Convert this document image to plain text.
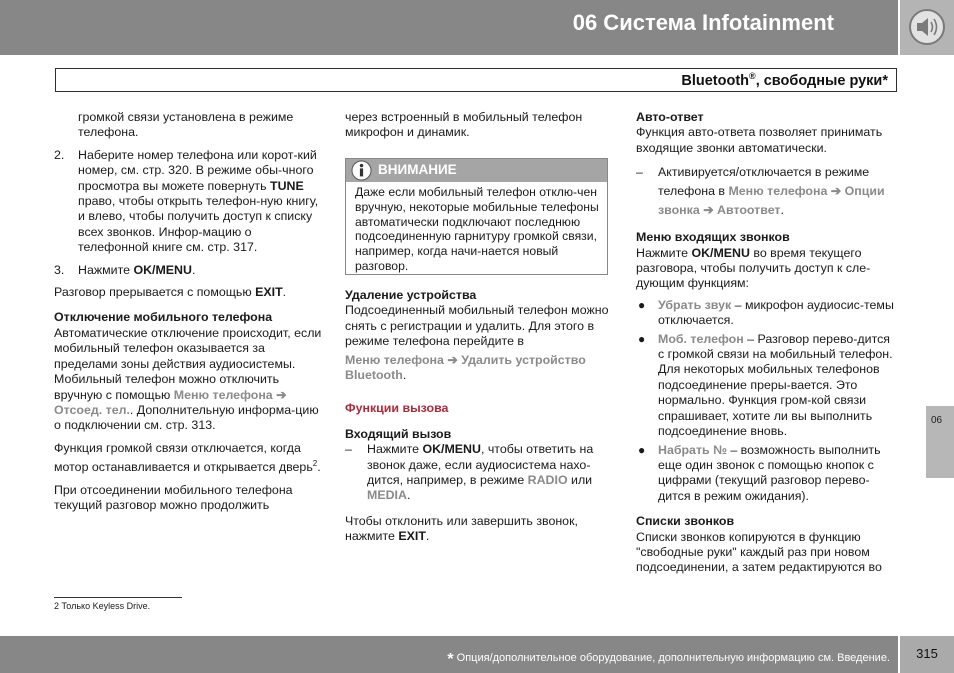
06 Система Infotainment
Bluetooth®, свободные руки*

громкой связи установлена в режиме телефона.

2. Наберите номер телефона или корот-кий номер, см. стр. 320. В режиме обы-чного просмотра вы можете повернуть TUNE право, чтобы открыть телефон-ную книгу, и влево, чтобы получить доступ к списку всех звонков. Инфор-мацию о телефонной книге см. стр. 317.
3. Нажмите OK/MENU.

Разговор прерывается с помощью EXIT.

Отключение мобильного телефона

Автоматические отключение происходит, если мобильный телефон оказывается за пределами зоны действия аудиосистемы. Мобильный телефон можно отключить вручную с помощью Меню телефона ➔ Отсоед. тел.. Дополнительную информа-цию о подключении см. стр. 313.

Функция громкой связи отключается, когда мотор останавливается и открывается дверь$^2$.

При отсоединении мобильного телефона текущий разговор можно продолжить

через встроенный в мобильный телефон микрофон и динамик.

ВНИМАНИЕ
Даже если мобильный телефон отклю-чен вручную, некоторые мобильные телефоны автоматически подключают последнюю подсоединенную гарнитуру громкой связи, например, когда начи-нается новый разговор.

Удаление устройства

Подсоединенный мобильный телефон можно снять с регистрации и удалить. Для этого в режиме телефона перейдите в

Меню телефона ➔ Удалить устройство Bluetooth.

Функции вызова

Входящий вызов

– Нажмите OK/MENU, чтобы ответить на звонок даже, если аудиосистема нахо-дится, например, в режиме RADIO или MEDIA.

Чтобы отклонить или завершить звонок, нажмите EXIT.

Авто-ответ

Функция авто-ответа позволяет принимать входящие звонки автоматически.

– Активируется/отключается в режиме телефона в Меню телефона ➔ Опции звонка ➔ Автоответ.

Меню входящих звонков

Нажмите OK/MENU во время текущего разговора, чтобы получить доступ к сле-дующим функциям:

● Убрать звук – микрофон аудиосис-темы отключается.
● Моб. телефон – Разговор перево-дится с громкой связи на мобильный телефон. Для некоторых мобильных телефонов подсоединение преры-вается. Это нормально. Функция гром-кой связи спрашивает, хотите ли вы выполнить подсоединение вновь.
● Набрать № – возможность выполнить еще один звонок с помощью кнопок с цифрами (текущий разговор перево-дится в режим ожидания).

Списки звонков

Списки звонков копируются в функцию "свободные руки" каждый раз при новом подсоединении, а затем редактируются во

2 Только Keyless Drive.
06
* Опция/дополнительное оборудование, дополнительную информацию см. Введение.	315
